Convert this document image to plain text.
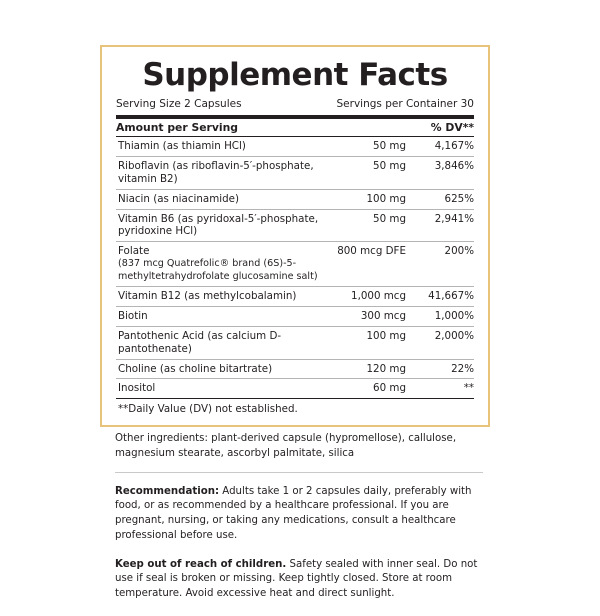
Supplement Facts
Serving Size 2 Capsules	Servings per Container 30
Amount per Serving	% DV**
Thiamin (as thiamin HCl)	50 mg	4,167%
Riboflavin (as riboflavin-5′-phosphate, vitamin B2)	50 mg	3,846%
Niacin (as niacinamide)	100 mg	625%
Vitamin B6 (as pyridoxal-5′-phosphate,
pyridoxine HCl)	50 mg	2,941%
Folate
(837 mcg Quatrefolic® brand (6S)-5-methyltetrahydrofolate glucosamine salt)	800 mcg DFE	200%
Vitamin B12 (as methylcobalamin)	1,000 mcg	41,667%
Biotin	300 mcg	1,000%
Pantothenic Acid (as calcium D-pantothenate)	100 mg	2,000%
Choline (as choline bitartrate)	120 mg	22%
Inositol	60 mg	**
**Daily Value (DV) not established.

Other ingredients: plant-derived capsule (hypromellose), callulose, magnesium stearate, ascorbyl palmitate, silica

Recommendation: Adults take 1 or 2 capsules daily, preferably with food, or as recommended by a healthcare professional. If you are pregnant, nursing, or taking any medications, consult a healthcare professional before use.

Keep out of reach of children. Safety sealed with inner seal. Do not use if seal is broken or missing. Keep tightly closed. Store at room temperature. Avoid excessive heat and direct sunlight.
